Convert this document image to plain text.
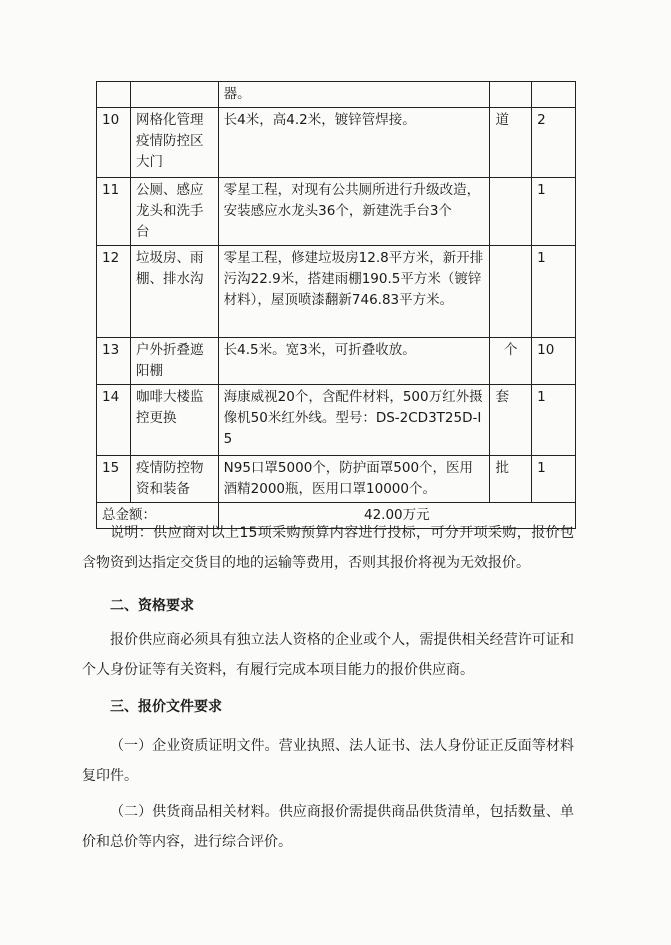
		器。		
10	网格化管理疫情防控区大门	长4米，高4.2米，镀锌管焊接。	道	2
11	公厕、感应龙头和洗手台	零星工程，对现有公共厕所进行升级改造，安装感应水龙头36个，新建洗手台3个		1
12	垃圾房、雨棚、排水沟	零星工程，修建垃圾房12.8平方米，新开排污沟22.9米，搭建雨棚190.5平方米（镀锌材料），屋顶喷漆翻新746.83平方米。		1
13	户外折叠遮阳棚	长4.5米。宽3米，可折叠收放。	个	10
14	咖啡大楼监控更换	海康威视20个，含配件材料，500万红外摄像机50米红外线。型号：DS-2CD3T25D-I5	套	1
15	疫情防控物资和装备	N95口罩5000个，防护面罩500个，医用酒精2000瓶，医用口罩10000个。	批	1
总金额：		42.00万元		
说明：供应商对以上15项采购预算内容进行投标，可分开项采购，报价包含物资到达指定交货目的地的运输等费用，否则其报价将视为无效报价。
二、资格要求
报价供应商必须具有独立法人资格的企业或个人，需提供相关经营许可证和个人身份证等有关资料，有履行完成本项目能力的报价供应商。
三、报价文件要求
（一）企业资质证明文件。营业执照、法人证书、法人身份证正反面等材料复印件。
（二）供货商品相关材料。供应商报价需提供商品供货清单，包括数量、单价和总价等内容，进行综合评价。
